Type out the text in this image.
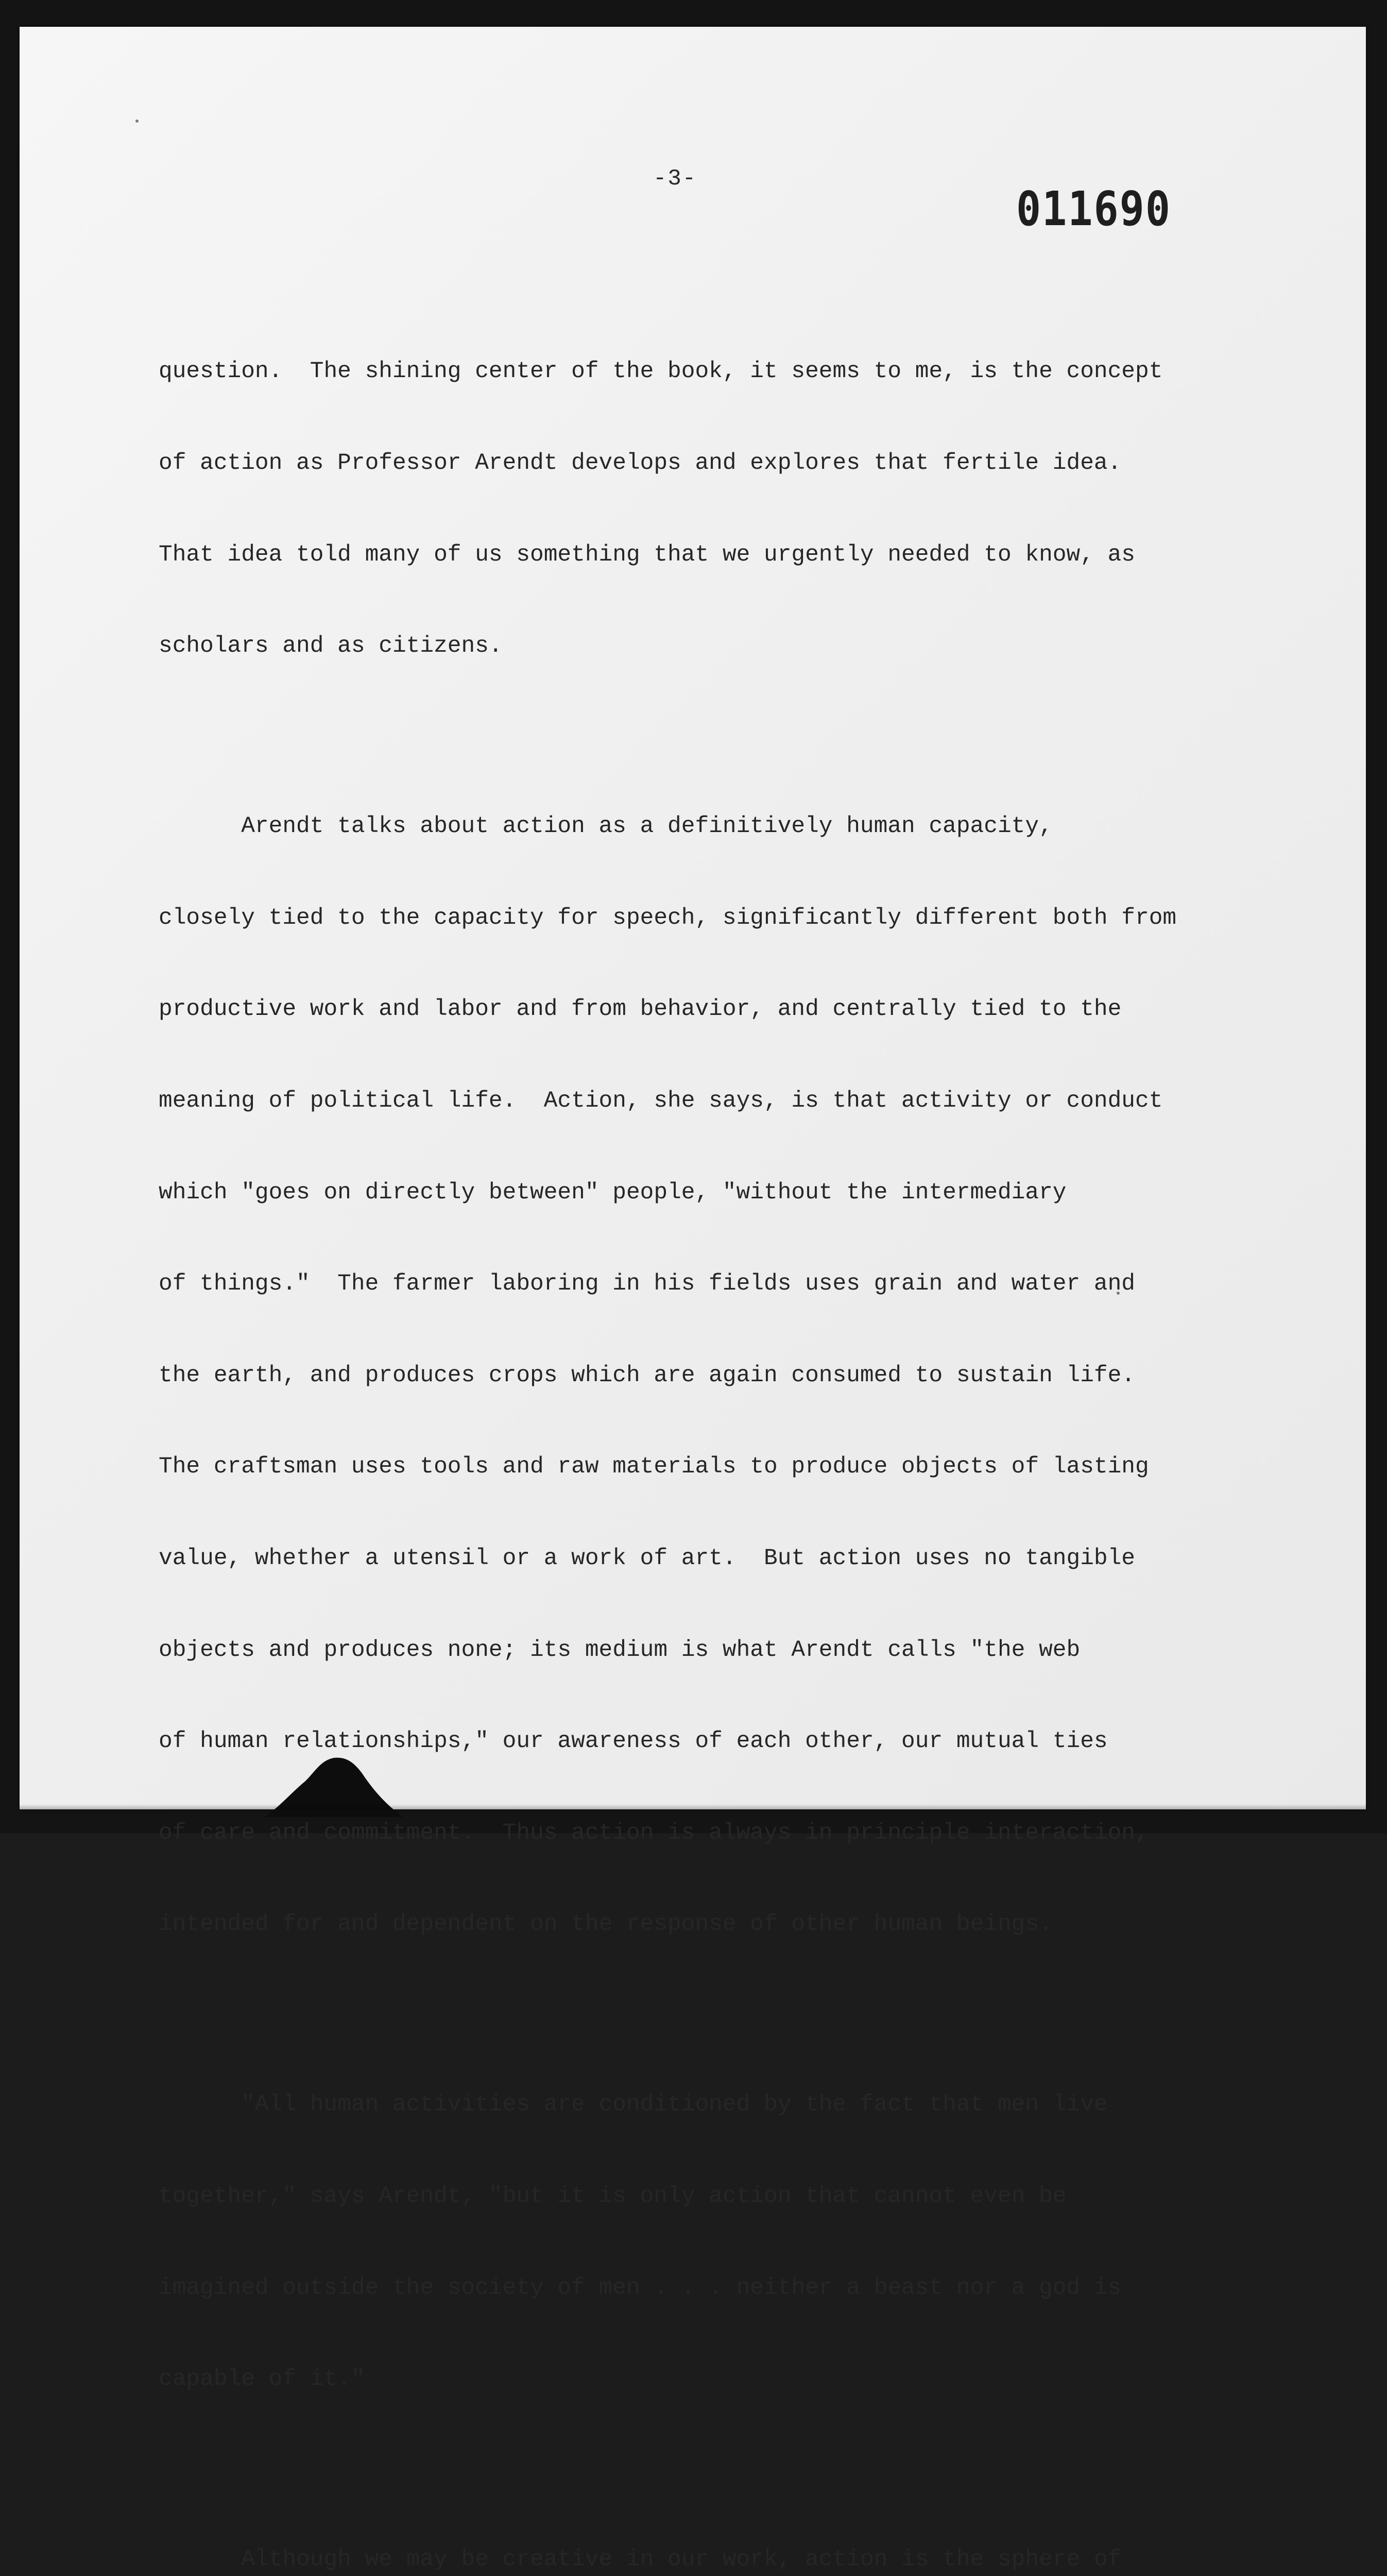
-3-
011690

question.  The shining center of the book, it seems to me, is the concept

of action as Professor Arendt develops and explores that fertile idea.

That idea told many of us something that we urgently needed to know, as

scholars and as citizens.

Arendt talks about action as a definitively human capacity,

closely tied to the capacity for speech, significantly different both from

productive work and labor and from behavior, and centrally tied to the

meaning of political life.  Action, she says, is that activity or conduct

which "goes on directly between" people, "without the intermediary

of things."  The farmer laboring in his fields uses grain and water and

the earth, and produces crops which are again consumed to sustain life.

The craftsman uses tools and raw materials to produce objects of lasting

value, whether a utensil or a work of art.  But action uses no tangible

objects and produces none; its medium is what Arendt calls "the web

of human relationships," our awareness of each other, our mutual ties

of care and commitment.  Thus action is always in principle interaction,

intended for and dependent on the response of other human beings.

"All human activities are conditioned by the fact that men live

together," says Arendt, "but it is only action that cannot even be

imagined outside the society of men . . . neither a beast nor a god is

capable of it."

Although we may be creative in our work, action is the sphere of
